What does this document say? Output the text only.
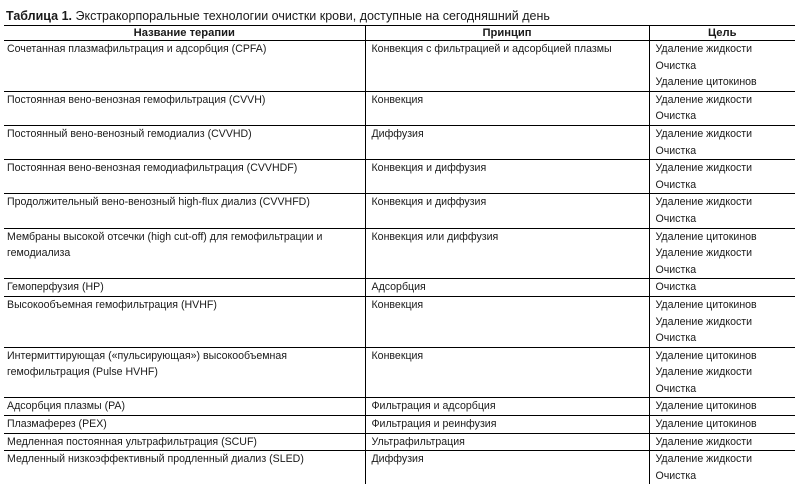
Таблица 1. Экстракорпоральные технологии очистки крови, доступные на сегодняшний день
Название терапии	Принцип	Цель
Сочетанная плазмафильтрация и адсорбция (CPFA)	Конвекция с фильтрацией и адсорбцией плазмы	Удаление жидкости
Очистка
Удаление цитокинов

Постоянная вено-венозная гемофильтрация (CVVH)	Конвекция	Удаление жидкости
Очистка

Постоянный вено-венозный гемодиализ (CVVHD)	Диффузия	Удаление жидкости
Очистка

Постоянная вено-венозная гемодиафильтрация (CVVHDF)	Конвекция и диффузия	Удаление жидкости
Очистка

Продолжительный вено-венозный high-flux диализ (CVVHFD)	Конвекция и диффузия	Удаление жидкости
Очистка

Мембраны высокой отсечки (high cut-off) для гемофильтрации и гемодиализа	Конвекция или диффузия	Удаление цитокинов
Удаление жидкости
Очистка

Гемоперфузия (HP)	Адсорбция	Очистка

Высокообъемная гемофильтрация (HVHF)	Конвекция	Удаление цитокинов
Удаление жидкости
Очистка

Интермиттирующая («пульсирующая») высокообъемная гемофильтрация (Pulse HVHF)	Конвекция	Удаление цитокинов
Удаление жидкости
Очистка

Адсорбция плазмы (PA)	Фильтрация и адсорбция	Удаление цитокинов

Плазмаферез (PEX)	Фильтрация и реинфузия	Удаление цитокинов

Медленная постоянная ультрафильтрация (SCUF)	Ультрафильтрация	Удаление жидкости

Медленный низкоэффективный продленный диализ (SLED)	Диффузия	Удаление жидкости
Очистка
